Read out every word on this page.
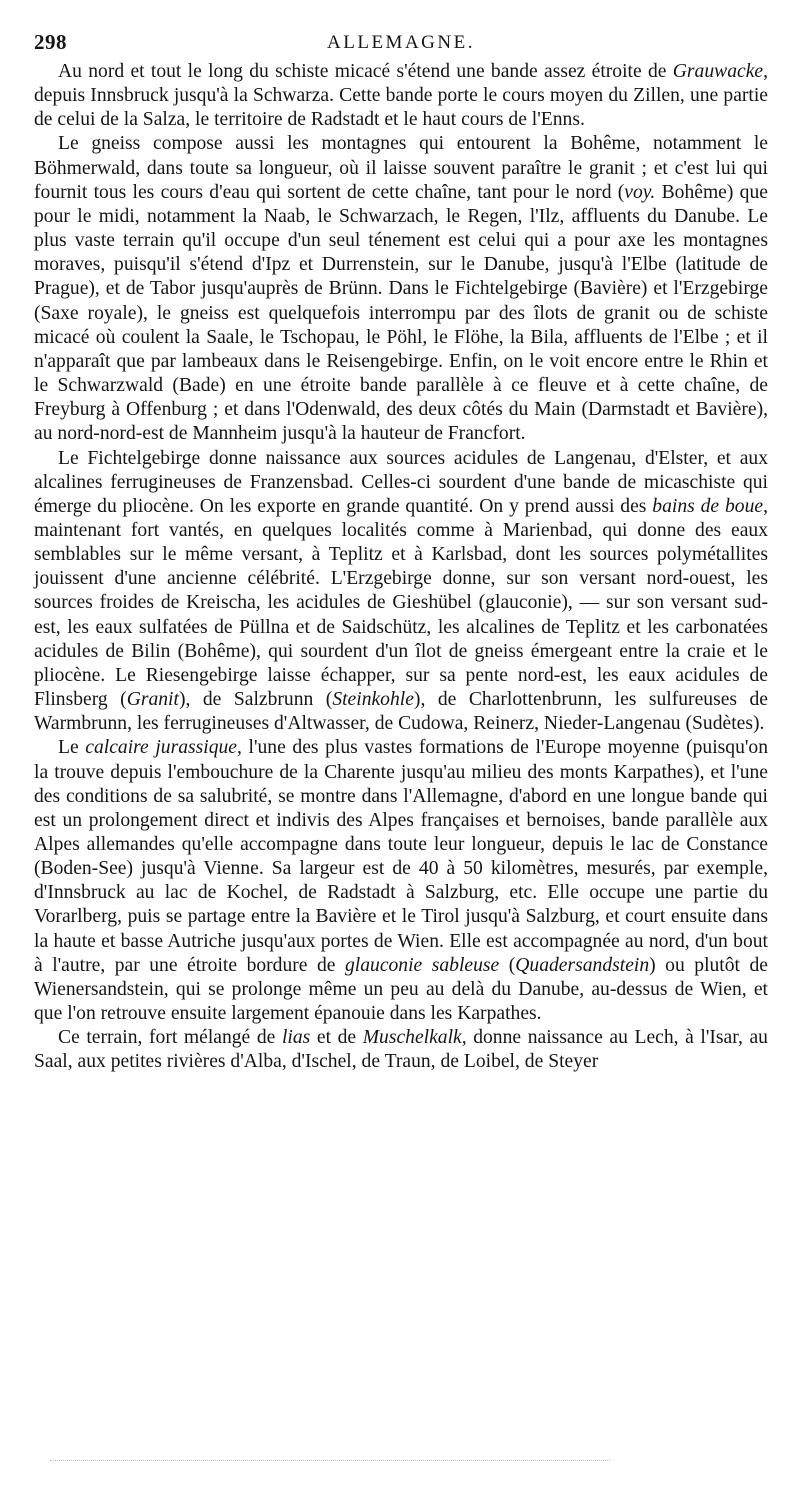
298	ALLEMAGNE.

Au nord et tout le long du schiste micacé s'étend une bande assez étroite de Grauwacke, depuis Innsbruck jusqu'à la Schwarza. Cette bande porte le cours moyen du Zillen, une partie de celui de la Salza, le territoire de Radstadt et le haut cours de l'Enns.

Le gneiss compose aussi les montagnes qui entourent la Bohême, notamment le Böhmerwald, dans toute sa longueur, où il laisse souvent paraître le granit ; et c'est lui qui fournit tous les cours d'eau qui sortent de cette chaîne, tant pour le nord (voy. Bohême) que pour le midi, notamment la Naab, le Schwarzach, le Regen, l'Ilz, affluents du Danube. Le plus vaste terrain qu'il occupe d'un seul ténement est celui qui a pour axe les montagnes moraves, puisqu'il s'étend d'Ipz et Durrenstein, sur le Danube, jusqu'à l'Elbe (latitude de Prague), et de Tabor jusqu'auprès de Brünn. Dans le Fichtelgebirge (Bavière) et l'Erzgebirge (Saxe royale), le gneiss est quelquefois interrompu par des îlots de granit ou de schiste micacé où coulent la Saale, le Tschopau, le Pöhl, le Flöhe, la Bila, affluents de l'Elbe ; et il n'apparaît que par lambeaux dans le Reisengebirge. Enfin, on le voit encore entre le Rhin et le Schwarzwald (Bade) en une étroite bande parallèle à ce fleuve et à cette chaîne, de Freyburg à Offenburg ; et dans l'Odenwald, des deux côtés du Main (Darmstadt et Bavière), au nord-nord-est de Mannheim jusqu'à la hauteur de Francfort.

Le Fichtelgebirge donne naissance aux sources acidules de Langenau, d'Elster, et aux alcalines ferrugineuses de Franzensbad. Celles-ci sourdent d'une bande de micaschiste qui émerge du pliocène. On les exporte en grande quantité. On y prend aussi des bains de boue, maintenant fort vantés, en quelques localités comme à Marienbad, qui donne des eaux semblables sur le même versant, à Teplitz et à Karlsbad, dont les sources polymétallites jouissent d'une ancienne célébrité. L'Erzgebirge donne, sur son versant nord-ouest, les sources froides de Kreischa, les acidules de Gieshübel (glauconie), — sur son versant sud-est, les eaux sulfatées de Püllna et de Saidschütz, les alcalines de Teplitz et les carbonatées acidules de Bilin (Bohême), qui sourdent d'un îlot de gneiss émergeant entre la craie et le pliocène. Le Riesengebirge laisse échapper, sur sa pente nord-est, les eaux acidules de Flinsberg (Granit), de Salzbrunn (Steinkohle), de Charlottenbrunn, les sulfureuses de Warmbrunn, les ferrugineuses d'Altwasser, de Cudowa, Reinerz, Nieder-Langenau (Sudètes).

Le calcaire jurassique, l'une des plus vastes formations de l'Europe moyenne (puisqu'on la trouve depuis l'embouchure de la Charente jusqu'au milieu des monts Karpathes), et l'une des conditions de sa salubrité, se montre dans l'Allemagne, d'abord en une longue bande qui est un prolongement direct et indivis des Alpes françaises et bernoises, bande parallèle aux Alpes allemandes qu'elle accompagne dans toute leur longueur, depuis le lac de Constance (Boden-See) jusqu'à Vienne. Sa largeur est de 40 à 50 kilomètres, mesurés, par exemple, d'Innsbruck au lac de Kochel, de Radstadt à Salzburg, etc. Elle occupe une partie du Vorarlberg, puis se partage entre la Bavière et le Tirol jusqu'à Salzburg, et court ensuite dans la haute et basse Autriche jusqu'aux portes de Wien. Elle est accompagnée au nord, d'un bout à l'autre, par une étroite bordure de glauconie sableuse (Quadersandstein) ou plutôt de Wienersandstein, qui se prolonge même un peu au delà du Danube, au-dessus de Wien, et que l'on retrouve ensuite largement épanouie dans les Karpathes.

Ce terrain, fort mélangé de lias et de Muschelkalk, donne naissance au Lech, à l'Isar, au Saal, aux petites rivières d'Alba, d'Ischel, de Traun, de Loibel, de Steyer
